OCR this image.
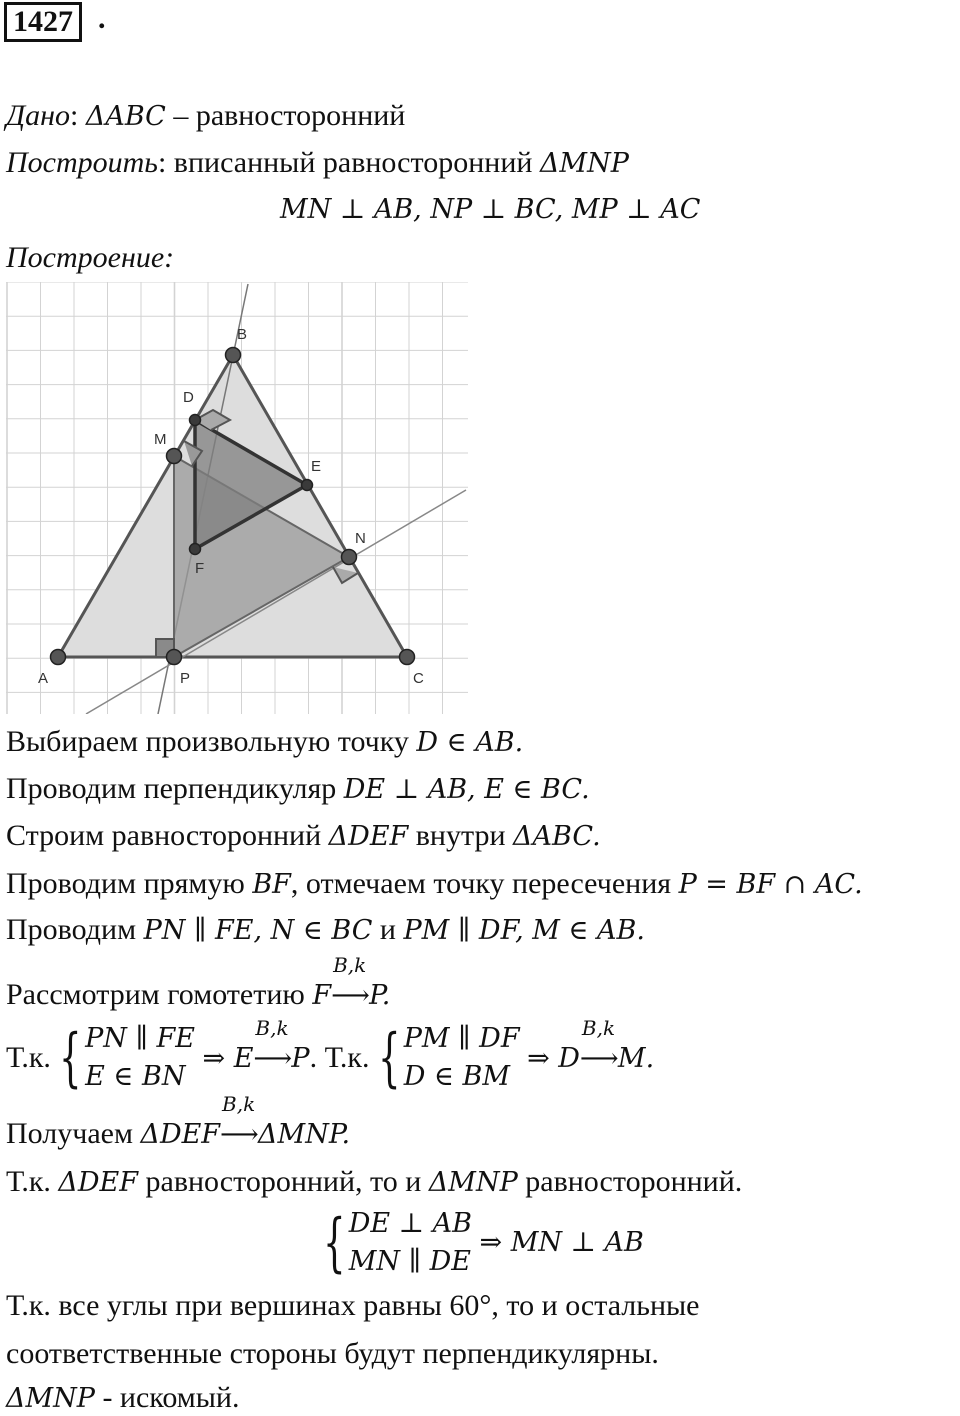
1427 .
Дано: ΔABC – равносторонний
Построить: вписанный равносторонний ΔMNP
MN ⊥ AB, NP ⊥ BC, MP ⊥ AC
Построение:
A
B
C
D
E
F
M
N
P
Выбираем произвольную точку D ∈ AB.
Проводим перпендикуляр DE ⊥ AB, E ∈ BC.
Строим равносторонний ΔDEF внутри ΔABC.
Проводим прямую BF, отмечаем точку пересечения P = BF ∩ AC.
Проводим PN ∥ FE, N ∈ BC и PM ∥ DF, M ∈ AB.
Рассмотрим гомотетию F
B,k
⟶P.
Т.к. { PN ∥ FE
E ∈ BN
⇒ E
B,k
⟶P. Т.к. { PM ∥ DF
D ∈ BM
⇒ D
B,k
⟶M.
Получаем ΔDEF
B,k
⟶ΔMNP.
Т.к. ΔDEF равносторонний, то и ΔMNP равносторонний.
{ DE ⊥ AB
MN ∥ DE
⇒ MN ⊥ AB
Т.к. все углы при вершинах равны 60°, то и остальные
соответственные стороны будут перпендикулярны.
ΔMNP - искомый.
